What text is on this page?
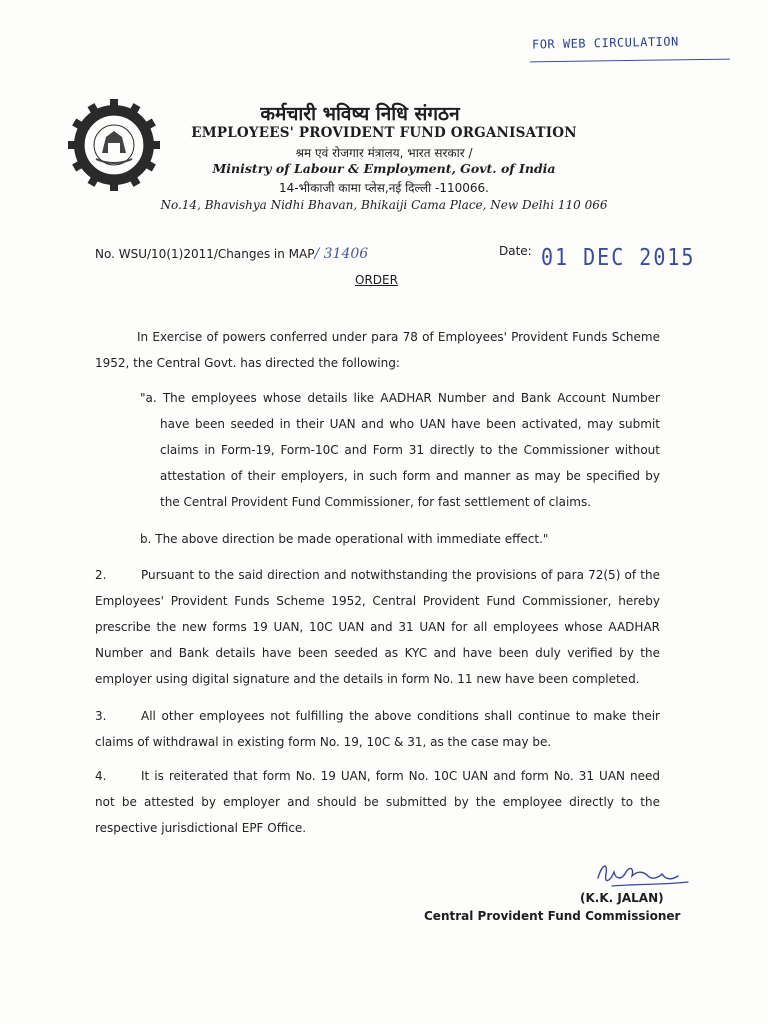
FOR WEB CIRCULATION
कर्मचारी भविष्य निधि संगठन
EMPLOYEES' PROVIDENT FUND ORGANISATION
श्रम एवं रोजगार मंत्रालय, भारत सरकार /
Ministry of Labour & Employment, Govt. of India
14-भीकाजी कामा प्लेस,नई दिल्ली -110066.
No.14, Bhavishya Nidhi Bhavan, Bhikaiji Cama Place, New Delhi 110 066
No. WSU/10(1)2011/Changes in MAP/ 31406	Date: 01 DEC 2015
ORDER
In Exercise of powers conferred under para 78 of Employees' Provident Funds Scheme 1952, the Central Govt. has directed the following:
"a. The employees whose details like AADHAR Number and Bank Account Number have been seeded in their UAN and who UAN have been activated, may submit claims in Form-19, Form-10C and Form 31 directly to the Commissioner without attestation of their employers, in such form and manner as may be specified by the Central Provident Fund Commissioner, for fast settlement of claims.
b. The above direction be made operational with immediate effect."
2.	Pursuant to the said direction and notwithstanding the provisions of para 72(5) of the Employees' Provident Funds Scheme 1952, Central Provident Fund Commissioner, hereby prescribe the new forms 19 UAN, 10C UAN and 31 UAN for all employees whose AADHAR Number and Bank details have been seeded as KYC and have been duly verified by the employer using digital signature and the details in form No. 11 new have been completed.
3.	All other employees not fulfilling the above conditions shall continue to make their claims of withdrawal in existing form No. 19, 10C & 31, as the case may be.
4.	It is reiterated that form No. 19 UAN, form No. 10C UAN and form No. 31 UAN need not be attested by employer and should be submitted by the employee directly to the respective jurisdictional EPF Office.
(K.K. JALAN)
Central Provident Fund Commissioner
